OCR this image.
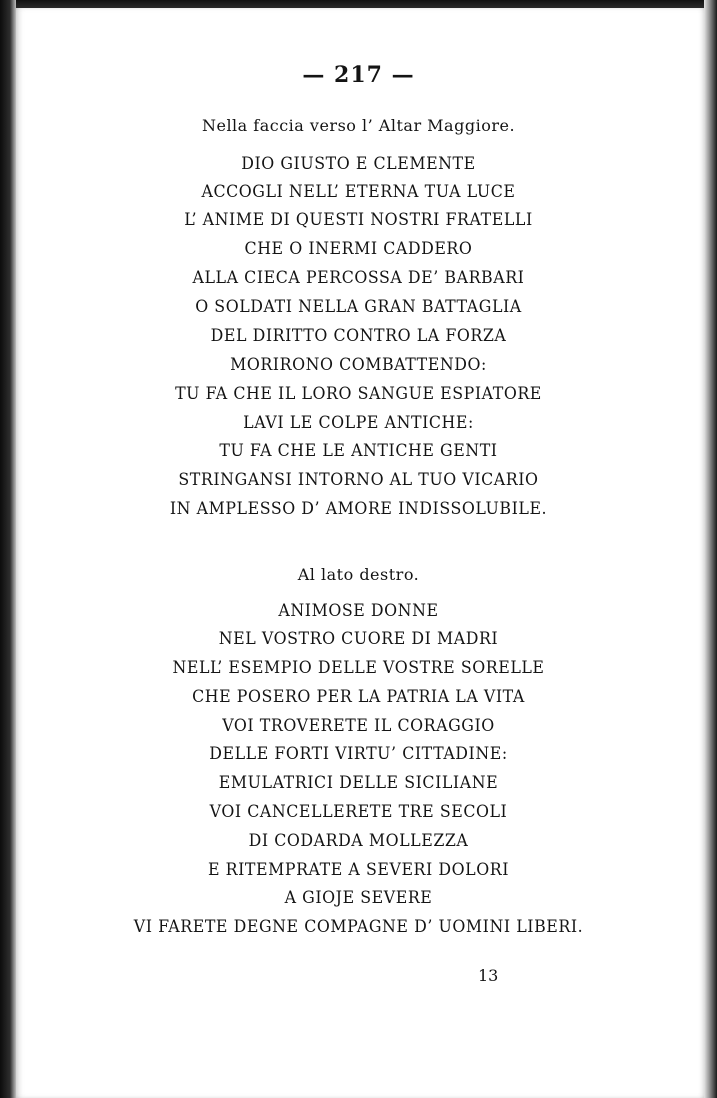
— 217 —
Nella faccia verso l’ Altar Maggiore.
DIO GIUSTO E CLEMENTE
ACCOGLI NELL’ ETERNA TUA LUCE
L’ ANIME DI QUESTI NOSTRI FRATELLI
CHE O INERMI CADDERO
ALLA CIECA PERCOSSA DE’ BARBARI
O SOLDATI NELLA GRAN BATTAGLIA
DEL DIRITTO CONTRO LA FORZA
MORIRONO COMBATTENDO:
TU FA CHE IL LORO SANGUE ESPIATORE
LAVI LE COLPE ANTICHE:
TU FA CHE LE ANTICHE GENTI
STRINGANSI INTORNO AL TUO VICARIO
IN AMPLESSO D’ AMORE INDISSOLUBILE.
Al lato destro.
ANIMOSE DONNE
NEL VOSTRO CUORE DI MADRI
NELL’ ESEMPIO DELLE VOSTRE SORELLE
CHE POSERO PER LA PATRIA LA VITA
VOI TROVERETE IL CORAGGIO
DELLE FORTI VIRTU’ CITTADINE:
EMULATRICI DELLE SICILIANE
VOI CANCELLERETE TRE SECOLI
DI CODARDA MOLLEZZA
E RITEMPRATE A SEVERI DOLORI
A GIOJE SEVERE
VI FARETE DEGNE COMPAGNE D’ UOMINI LIBERI.
13
